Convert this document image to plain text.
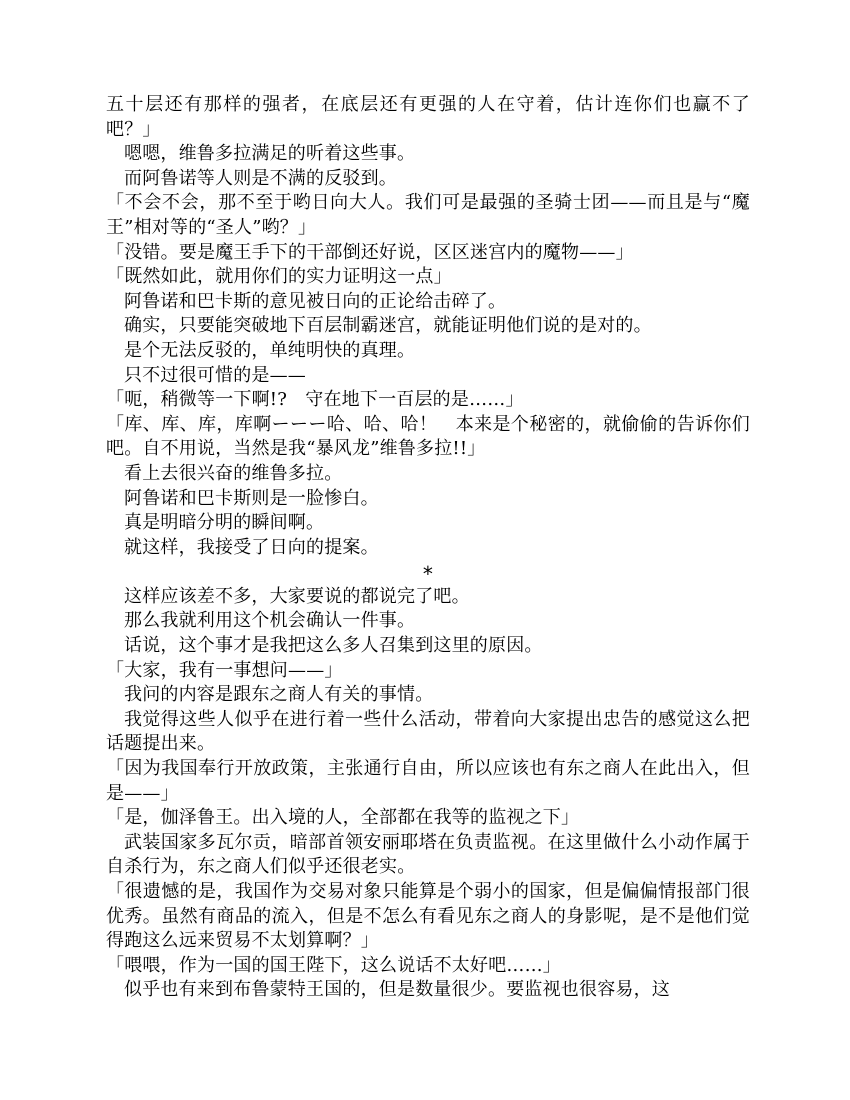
五十层还有那样的强者，在底层还有更强的人在守着，估计连你们也赢不了吧？」

嗯嗯，维鲁多拉满足的听着这些事。

而阿鲁诺等人则是不满的反驳到。

「不会不会，那不至于哟日向大人。我们可是最强的圣骑士团——而且是与“魔王”相对等的“圣人”哟？」

「没错。要是魔王手下的干部倒还好说，区区迷宫内的魔物——」

「既然如此，就用你们的实力证明这一点」

阿鲁诺和巴卡斯的意见被日向的正论给击碎了。

确实，只要能突破地下百层制霸迷宫，就能证明他们说的是对的。

是个无法反驳的，单纯明快的真理。

只不过很可惜的是——

「呃，稍微等一下啊!?　守在地下一百层的是……」

「库、库、库，库啊ーーー哈、哈、哈！　本来是个秘密的，就偷偷的告诉你们吧。自不用说，当然是我“暴风龙”维鲁多拉!!」

看上去很兴奋的维鲁多拉。

阿鲁诺和巴卡斯则是一脸惨白。

真是明暗分明的瞬间啊。

就这样，我接受了日向的提案。

*

这样应该差不多，大家要说的都说完了吧。

那么我就利用这个机会确认一件事。

话说，这个事才是我把这么多人召集到这里的原因。

「大家，我有一事想问——」

我问的内容是跟东之商人有关的事情。

我觉得这些人似乎在进行着一些什么活动，带着向大家提出忠告的感觉这么把话题提出来。

「因为我国奉行开放政策，主张通行自由，所以应该也有东之商人在此出入，但是——」

「是，伽泽鲁王。出入境的人，全部都在我等的监视之下」

武装国家多瓦尔贡，暗部首领安丽耶塔在负责监视。在这里做什么小动作属于自杀行为，东之商人们似乎还很老实。

「很遗憾的是，我国作为交易对象只能算是个弱小的国家，但是偏偏情报部门很优秀。虽然有商品的流入，但是不怎么有看见东之商人的身影呢，是不是他们觉得跑这么远来贸易不太划算啊？」

「喂喂，作为一国的国王陛下，这么说话不太好吧……」

似乎也有来到布鲁蒙特王国的，但是数量很少。要监视也很容易，这
